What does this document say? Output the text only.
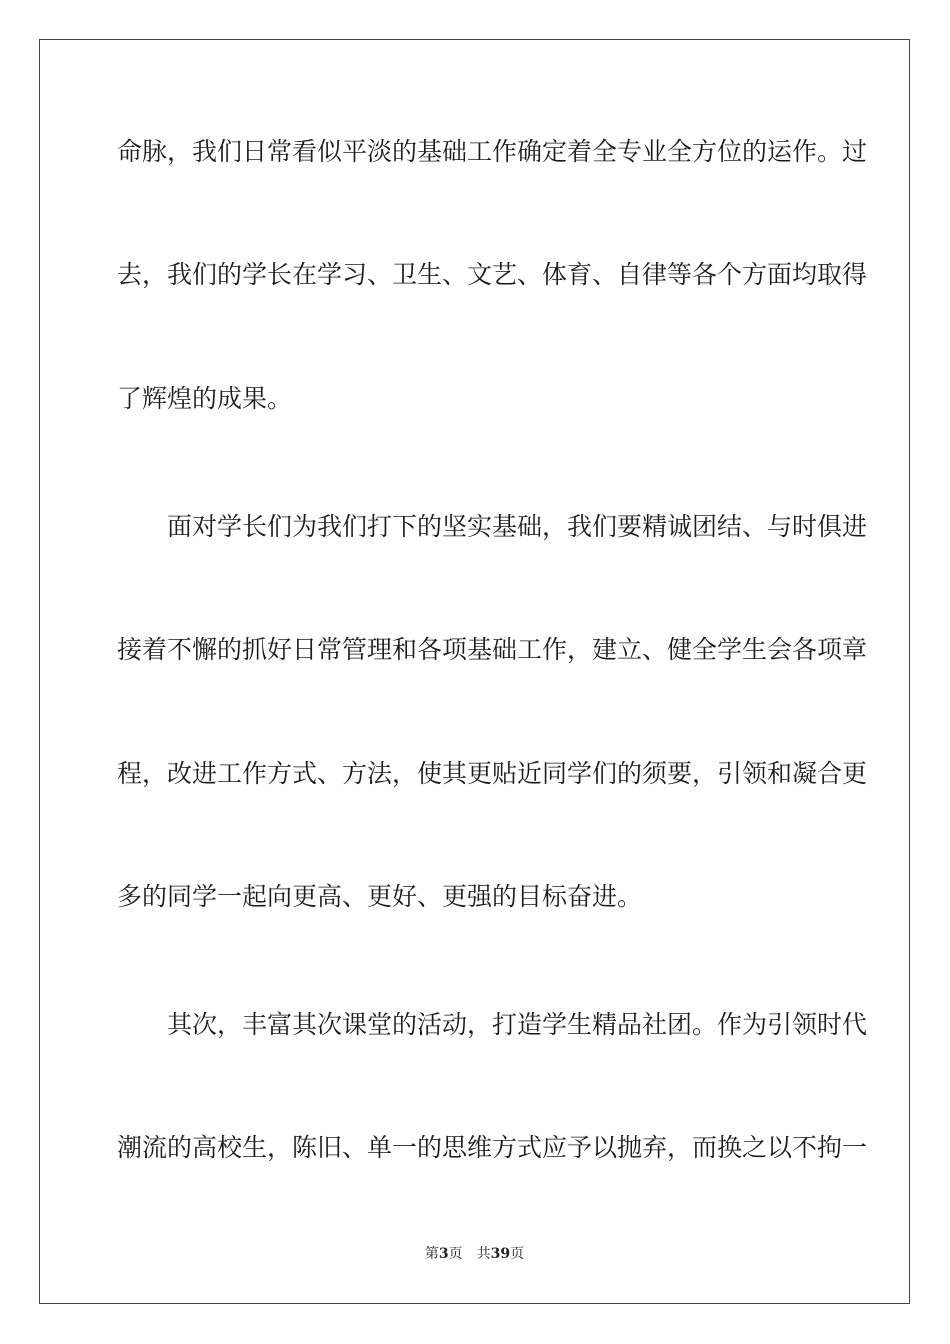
命脉，我们日常看似平淡的基础工作确定着全专业全方位的运作。过
去，我们的学长在学习、卫生、文艺、体育、自律等各个方面均取得
了辉煌的成果。
面对学长们为我们打下的坚实基础，我们要精诚团结、与时俱进
接着不懈的抓好日常管理和各项基础工作，建立、健全学生会各项章
程，改进工作方式、方法，使其更贴近同学们的须要，引领和凝合更
多的同学一起向更高、更好、更强的目标奋进。
其次，丰富其次课堂的活动，打造学生精品社团。作为引领时代
潮流的高校生，陈旧、单一的思维方式应予以抛弃，而换之以不拘一
第3页 共39页
